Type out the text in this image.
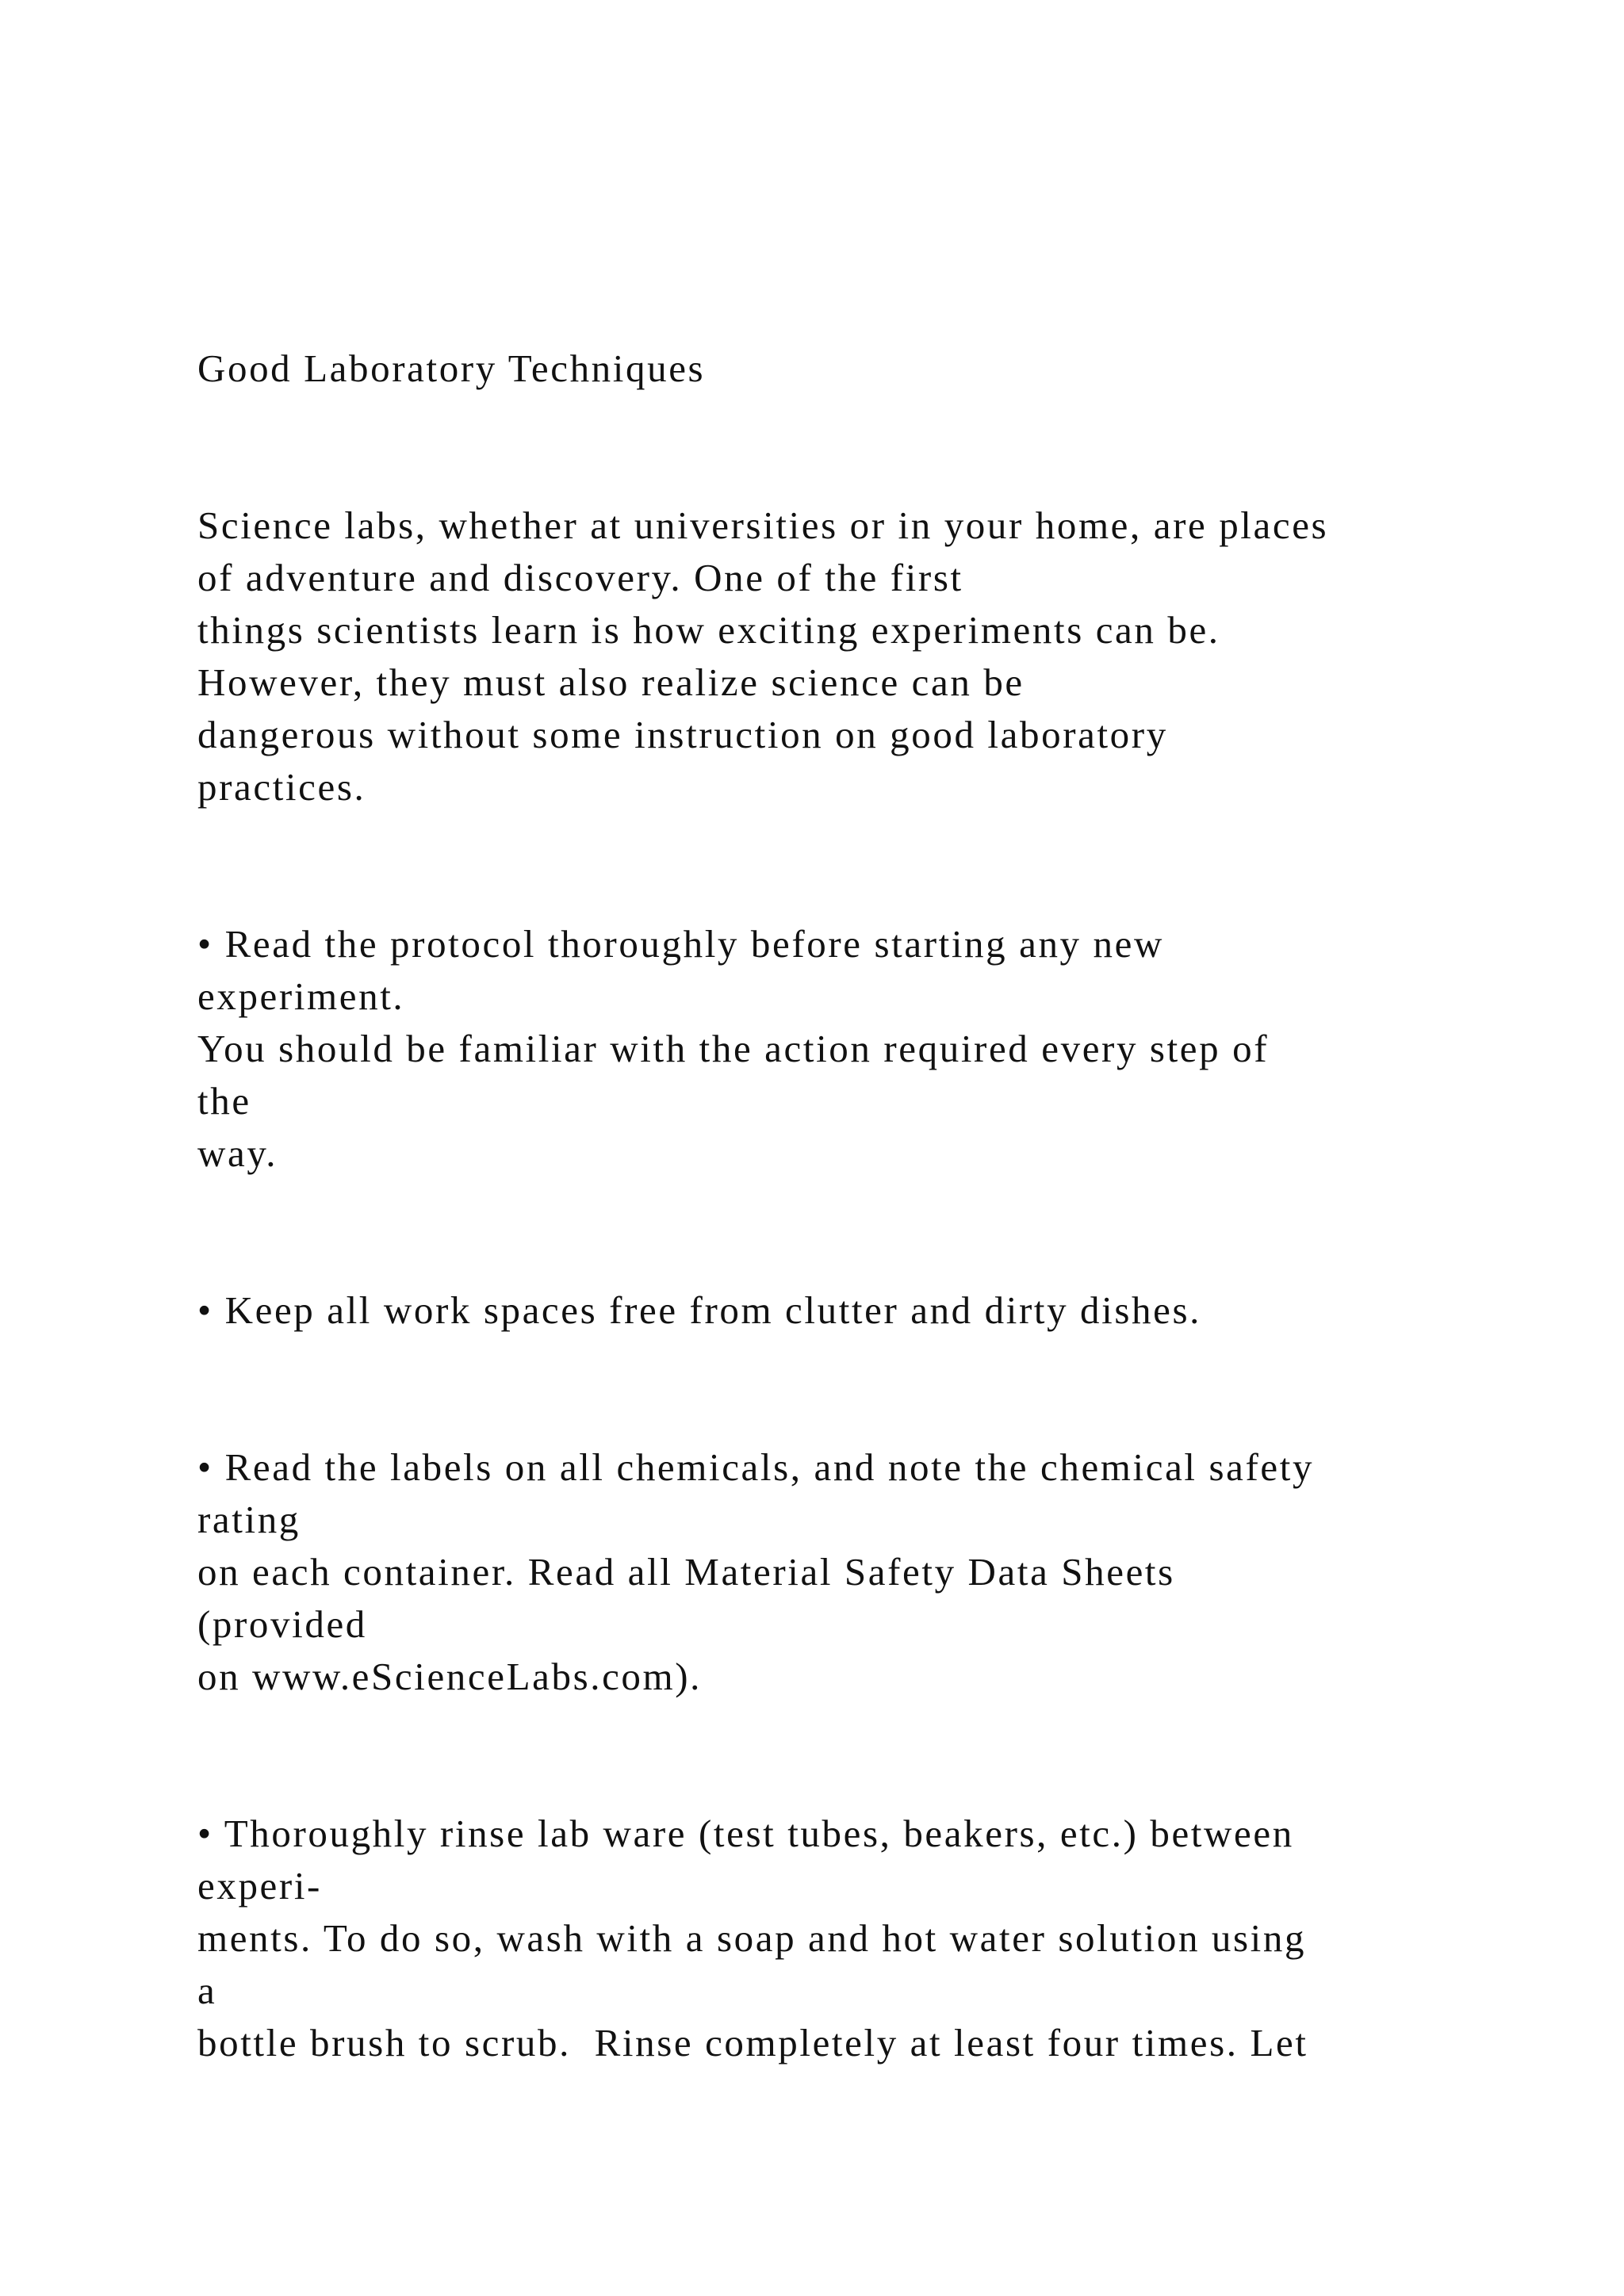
Good Laboratory Techniques
Science labs, whether at universities or in your home, are places
of adventure and discovery. One of the first
things scientists learn is how exciting experiments can be.
However, they must also realize science can be
dangerous without some instruction on good laboratory
practices.
• Read the protocol thoroughly before starting any new
experiment.
You should be familiar with the action required every step of
the
way.
• Keep all work spaces free from clutter and dirty dishes.
• Read the labels on all chemicals, and note the chemical safety
rating
on each container. Read all Material Safety Data Sheets
(provided
on www.eScienceLabs.com).
• Thoroughly rinse lab ware (test tubes, beakers, etc.) between
experi-
ments. To do so, wash with a soap and hot water solution using
a
bottle brush to scrub.  Rinse completely at least four times. Let
